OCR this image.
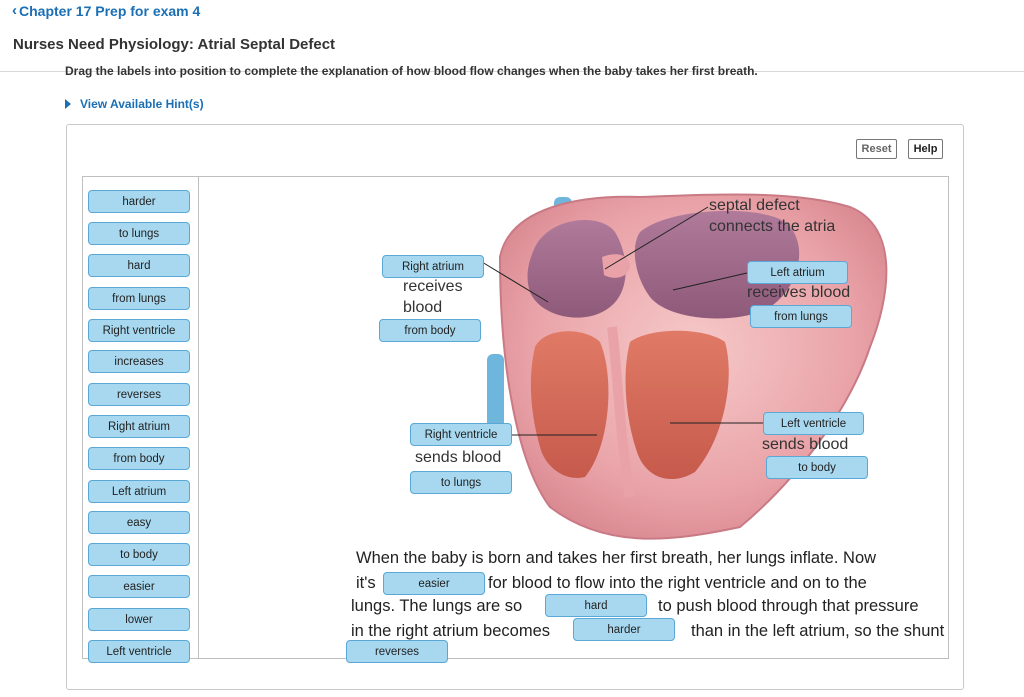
‹ Chapter 17 Prep for exam 4
Nurses Need Physiology: Atrial Septal Defect
Drag the labels into position to complete the explanation of how blood flow changes when the baby takes her first breath.
View Available Hint(s)
Reset	Help
harder
to lungs
hard
from lungs
Right ventricle
increases
reverses
Right atrium
from body
Left atrium
easy
to body
easier
lower
Left ventricle
septal defect
connects the atria
Right atrium
receives
blood
from body
Left atrium
receives blood
from lungs
Right ventricle
sends blood
to lungs
Left ventricle
sends blood
to body
When the baby is born and takes her first breath, her lungs inflate. Now
it's	easier	for blood to flow into the right ventricle and on to the
lungs. The lungs are so	hard	to push blood through that pressure
in the right atrium becomes	harder	than in the left atrium, so the shunt
reverses
